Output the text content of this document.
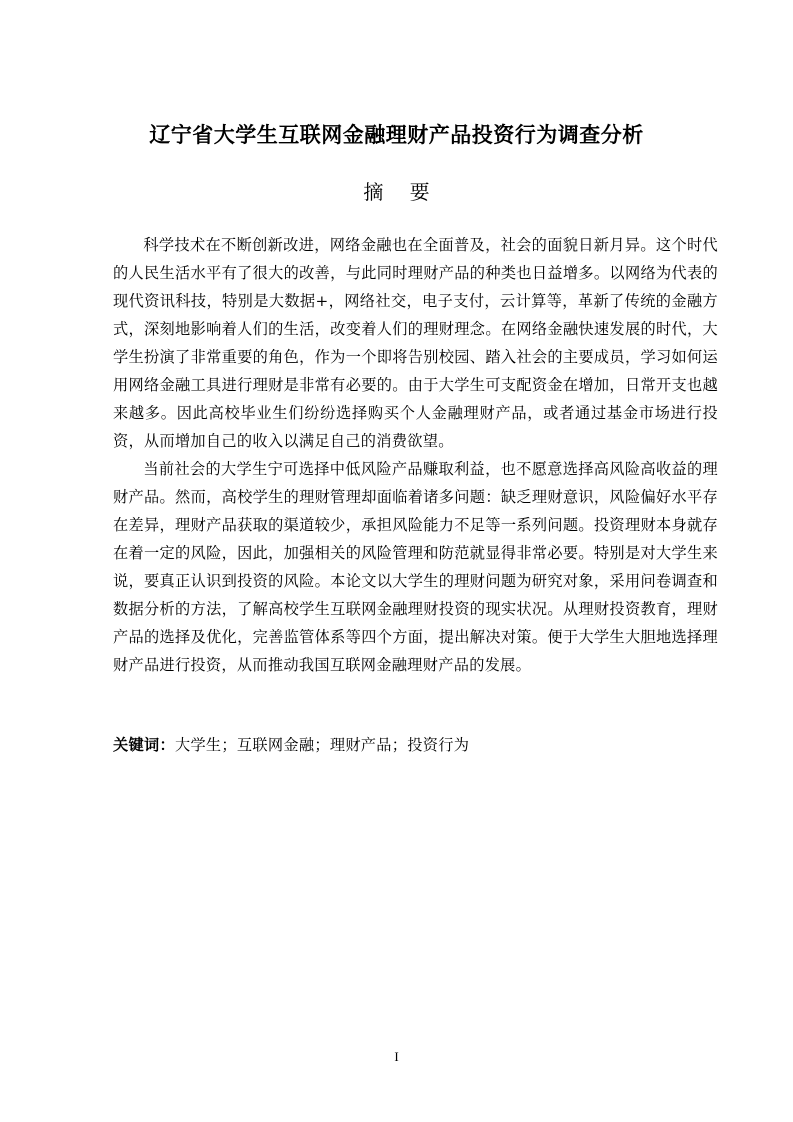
辽宁省大学生互联网金融理财产品投资行为调查分析
摘 要

科学技术在不断创新改进，网络金融也在全面普及，社会的面貌日新月异。这个时代的人民生活水平有了很大的改善，与此同时理财产品的种类也日益增多。以网络为代表的现代资讯科技，特别是大数据+，网络社交，电子支付，云计算等，革新了传统的金融方式，深刻地影响着人们的生活，改变着人们的理财理念。在网络金融快速发展的时代，大学生扮演了非常重要的角色，作为一个即将告别校园、踏入社会的主要成员，学习如何运用网络金融工具进行理财是非常有必要的。由于大学生可支配资金在增加，日常开支也越来越多。因此高校毕业生们纷纷选择购买个人金融理财产品，或者通过基金市场进行投资，从而增加自己的收入以满足自己的消费欲望。

当前社会的大学生宁可选择中低风险产品赚取利益，也不愿意选择高风险高收益的理财产品。然而，高校学生的理财管理却面临着诸多问题：缺乏理财意识，风险偏好水平存在差异，理财产品获取的渠道较少，承担风险能力不足等一系列问题。投资理财本身就存在着一定的风险，因此，加强相关的风险管理和防范就显得非常必要。特别是对大学生来说，要真正认识到投资的风险。本论文以大学生的理财问题为研究对象，采用问卷调查和数据分析的方法，了解高校学生互联网金融理财投资的现实状况。从理财投资教育，理财产品的选择及优化，完善监管体系等四个方面，提出解决对策。便于大学生大胆地选择理财产品进行投资，从而推动我国互联网金融理财产品的发展。

关键词：大学生；互联网金融；理财产品；投资行为
I
